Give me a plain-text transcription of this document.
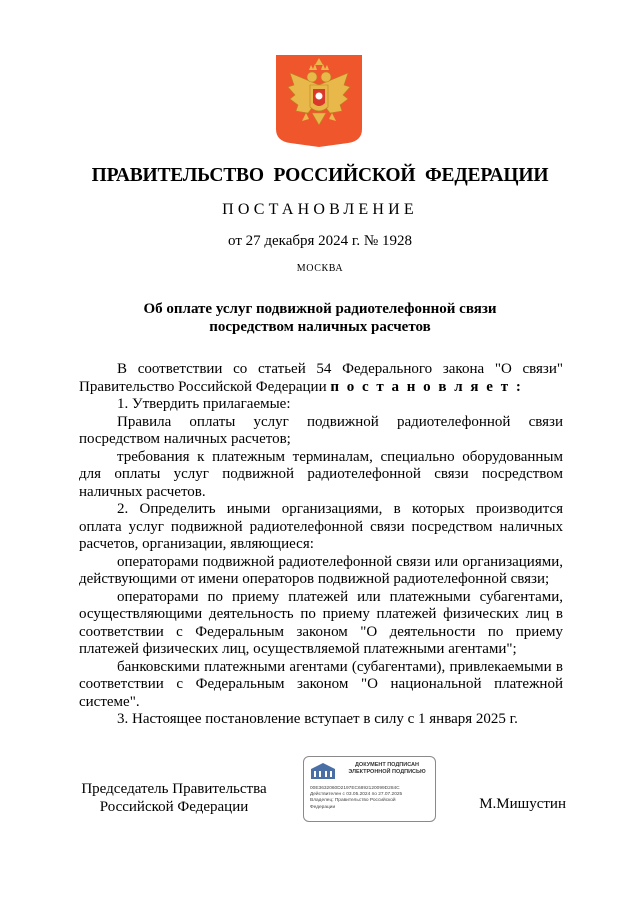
ПРАВИТЕЛЬСТВО РОССИЙСКОЙ ФЕДЕРАЦИИ
ПОСТАНОВЛЕНИЕ
от 27 декабря 2024 г. № 1928
МОСКВА
Об оплате услуг подвижной радиотелефонной связи
посредством наличных расчетов

В соответствии со статьей 54 Федерального закона "О связи" Правительство Российской Федерации п о с т а н о в л я е т :

1. Утвердить прилагаемые:

Правила оплаты услуг подвижной радиотелефонной связи посредством наличных расчетов;

требования к платежным терминалам, специально оборудованным для оплаты услуг подвижной радиотелефонной связи посредством наличных расчетов.

2. Определить иными организациями, в которых производится оплата услуг подвижной радиотелефонной связи посредством наличных расчетов, организации, являющиеся:

операторами подвижной радиотелефонной связи или организациями, действующими от имени операторов подвижной радиотелефонной связи;

операторами по приему платежей или платежными субагентами, осуществляющими деятельность по приему платежей физических лиц в соответствии с Федеральным законом "О деятельности по приему платежей физических лиц, осуществляемой платежными агентами";

банковскими платежными агентами (субагентами), привлекаемыми в соответствии с Федеральным законом "О национальной платежной системе".

3. Настоящее постановление вступает в силу с 1 января 2025 г.

Председатель Правительства
Российской Федерации
ДОКУМЕНТ ПОДПИСАН
ЭЛЕКТРОННОЙ ПОДПИСЬЮ
00E3632060D2197EC6892120099D284C
Действителен с 03.05.2024 по 27.07.2025
Владелец: Правительство Российской
Федерации	М.Мишустин
